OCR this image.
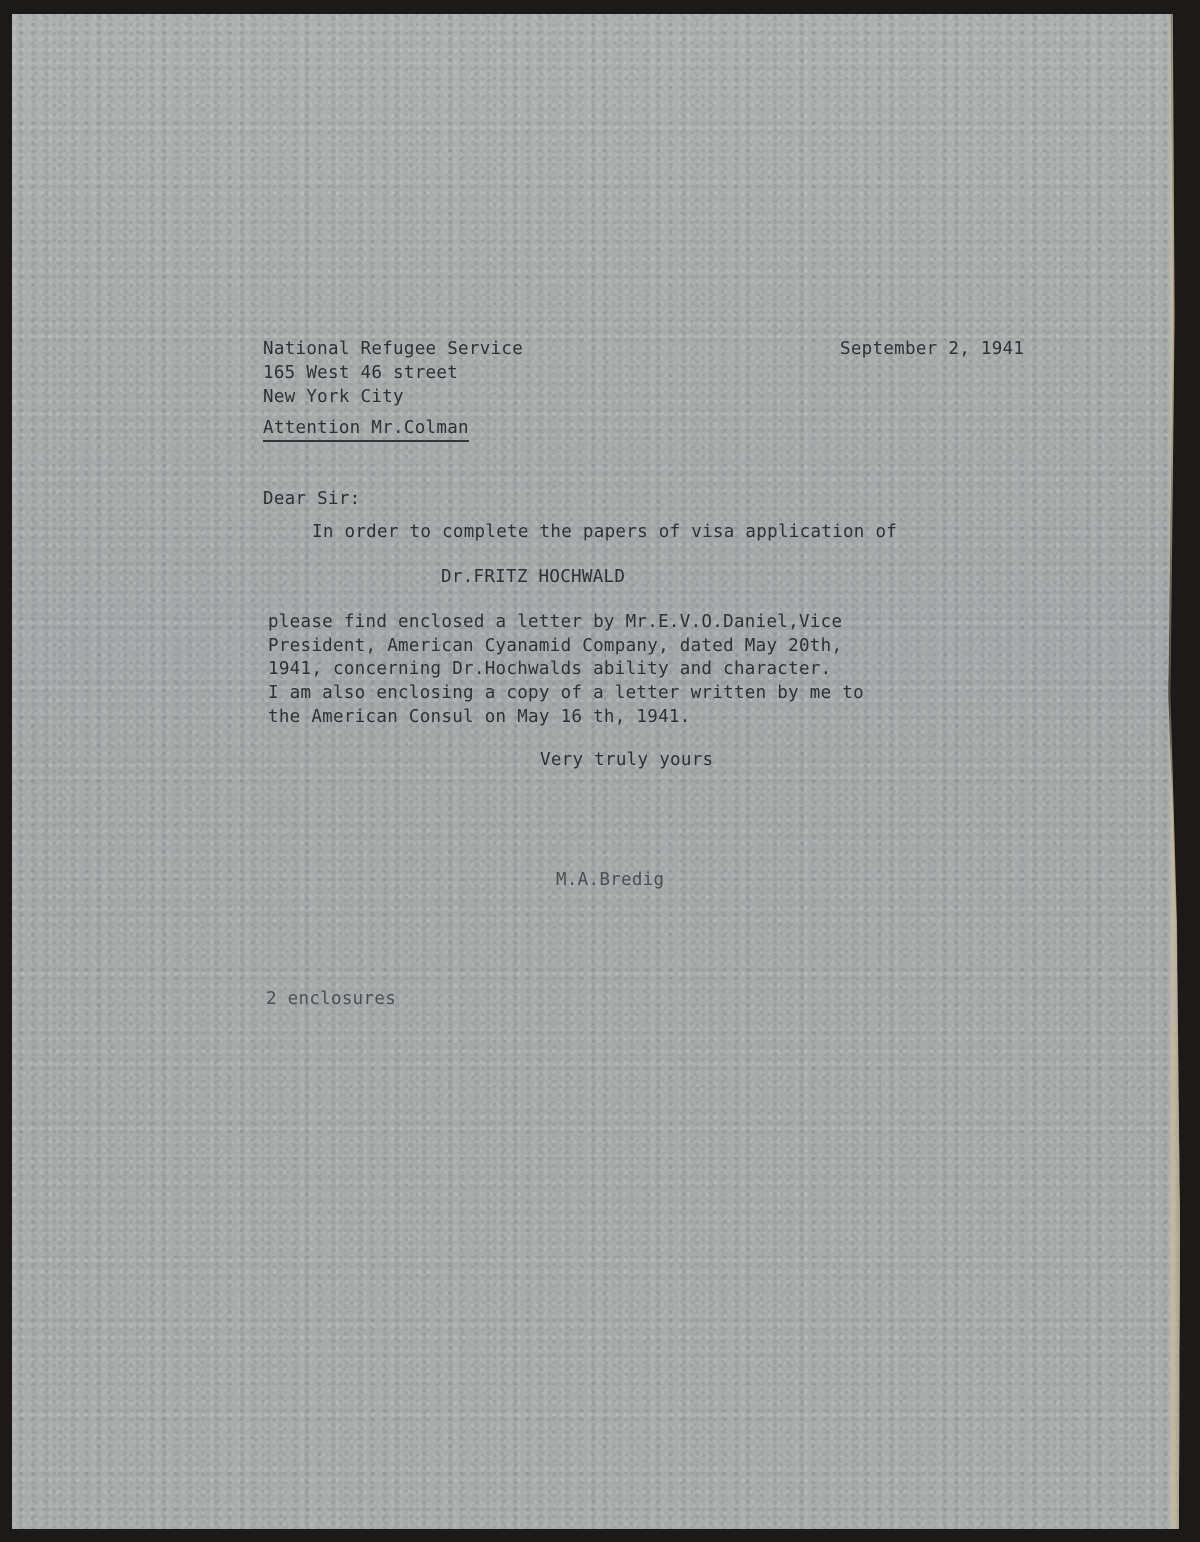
National Refugee Service
165 West 46 street
New York City
Attention Mr.Colman
September 2, 1941
Dear Sir:
In order to complete the papers of visa application of
Dr.FRITZ HOCHWALD
please find enclosed a letter by Mr.E.V.O.Daniel,Vice
President, American Cyanamid Company, dated May 20th,
1941, concerning Dr.Hochwalds ability and character.
I am also enclosing a copy of a letter written by me to
the American Consul on May 16 th, 1941.
Very truly yours
M.A.Bredig
2 enclosures
